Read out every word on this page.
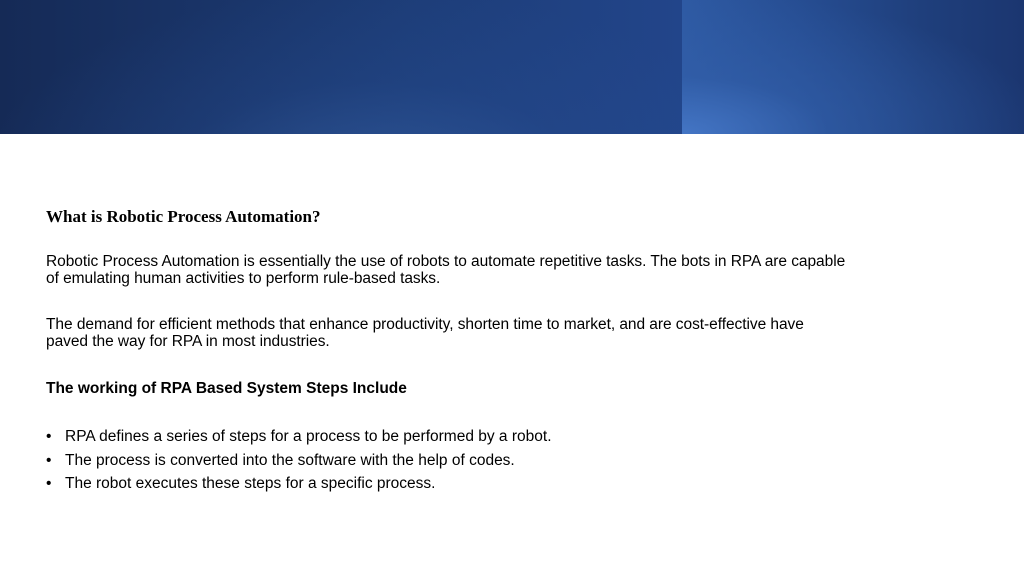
What is Robotic Process Automation?

Robotic Process Automation is essentially the use of robots to automate repetitive tasks. The bots in RPA are capable of emulating human activities to perform rule-based tasks.

The demand for efficient methods that enhance productivity, shorten time to market, and are cost-effective have paved the way for RPA in most industries.

The working of RPA Based System Steps Include
• RPA defines a series of steps for a process to be performed by a robot.
• The process is converted into the software with the help of codes.
• The robot executes these steps for a specific process.
